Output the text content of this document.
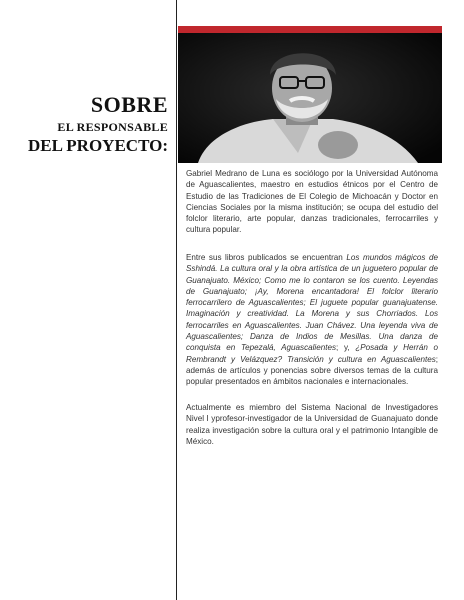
SOBRE
EL RESPONSABLE
DEL PROYECTO:

Gabriel Medrano de Luna es sociólogo por la Universidad Autónoma de Aguascalientes, maestro en estudios étnicos por el Centro de Estudio de las Tradiciones de El Colegio de Michoacán y Doctor en Ciencias Sociales por la misma institución; se ocupa del estudio del folclor literario, arte popular, danzas tradicionales, ferrocarriles y cultura popular.

Entre sus libros publicados se encuentran Los mundos mágicos de Sshindá. La cultura oral y la obra artística de un juguetero popular de Guanajuato. México; Como me lo contaron se los cuento. Leyendas de Guanajuato; ¡Ay, Morena encantadora! El folclor literario ferrocarrilero de Aguascalientes; El juguete popular guanajuatense. Imaginación y creatividad. La Morena y sus Chorriados. Los ferrocarriles en Aguascalientes. Juan Chávez. Una leyenda viva de Aguascalientes; Danza de Indios de Mesillas. Una danza de conquista en Tepezalá, Aguascalientes; y, ¿Posada y Herrán o Rembrandt y Velázquez? Transición y cultura en Aguascalientes; además de artículos y ponencias sobre diversos temas de la cultura popular presentados en ámbitos nacionales e internacionales.

Actualmente es miembro del Sistema Nacional de Investigadores Nivel I yprofesor-investigador de la Universidad de Guanajuato donde realiza investigación sobre la cultura oral y el patrimonio Intangible de México.
